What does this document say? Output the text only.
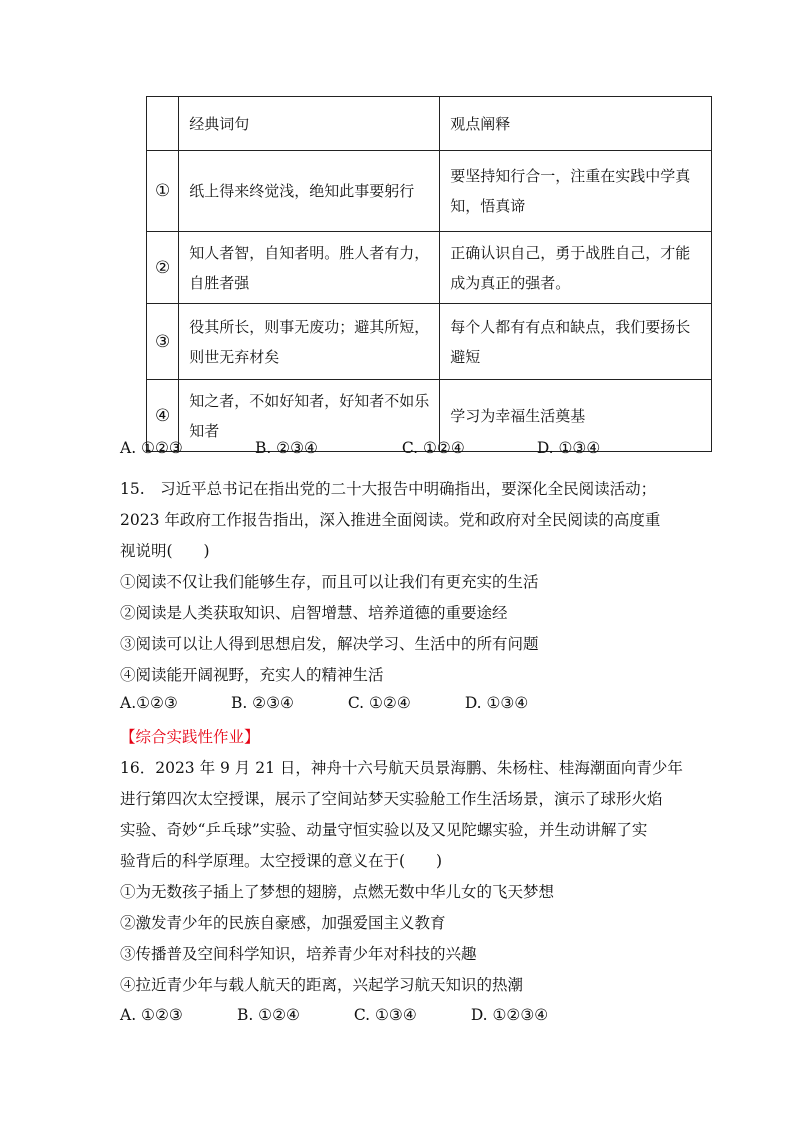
	经典词句	观点阐释
①	纸上得来终觉浅，绝知此事要躬行	要坚持知行合一，注重在实践中学真知，悟真谛
②	知人者智，自知者明。胜人者有力，自胜者强	正确认识自己，勇于战胜自己，才能成为真正的强者。
③	役其所长，则事无废功；避其所短，则世无弃材矣	每个人都有有点和缺点，我们要扬长避短
④	知之者，不如好知者，好知者不如乐知者	学习为幸福生活奠基
A. ①②③	B. ②③④	C. ①②④	D. ①③④
15.　习近平总书记在指出党的二十大报告中明确指出，要深化全民阅读活动；
2023 年政府工作报告指出，深入推进全面阅读。党和政府对全民阅读的高度重
视说明(　　)
①阅读不仅让我们能够生存，而且可以让我们有更充实的生活
②阅读是人类获取知识、启智增慧、培养道德的重要途经
③阅读可以让人得到思想启发，解决学习、生活中的所有问题
④阅读能开阔视野，充实人的精神生活
A.①②③	B. ②③④	C. ①②④	D. ①③④
【综合实践性作业】
16．2023 年 9 月 21 日，神舟十六号航天员景海鹏、朱杨柱、桂海潮面向青少年
进行第四次太空授课，展示了空间站梦天实验舱工作生活场景，演示了球形火焰
实验、奇妙“乒乓球”实验、动量守恒实验以及又见陀螺实验，并生动讲解了实
验背后的科学原理。太空授课的意义在于(　　)
①为无数孩子插上了梦想的翅膀，点燃无数中华儿女的飞天梦想
②激发青少年的民族自豪感，加强爱国主义教育
③传播普及空间科学知识，培养青少年对科技的兴趣
④拉近青少年与载人航天的距离，兴起学习航天知识的热潮
A. ①②③	B. ①②④	C. ①③④	D. ①②③④
